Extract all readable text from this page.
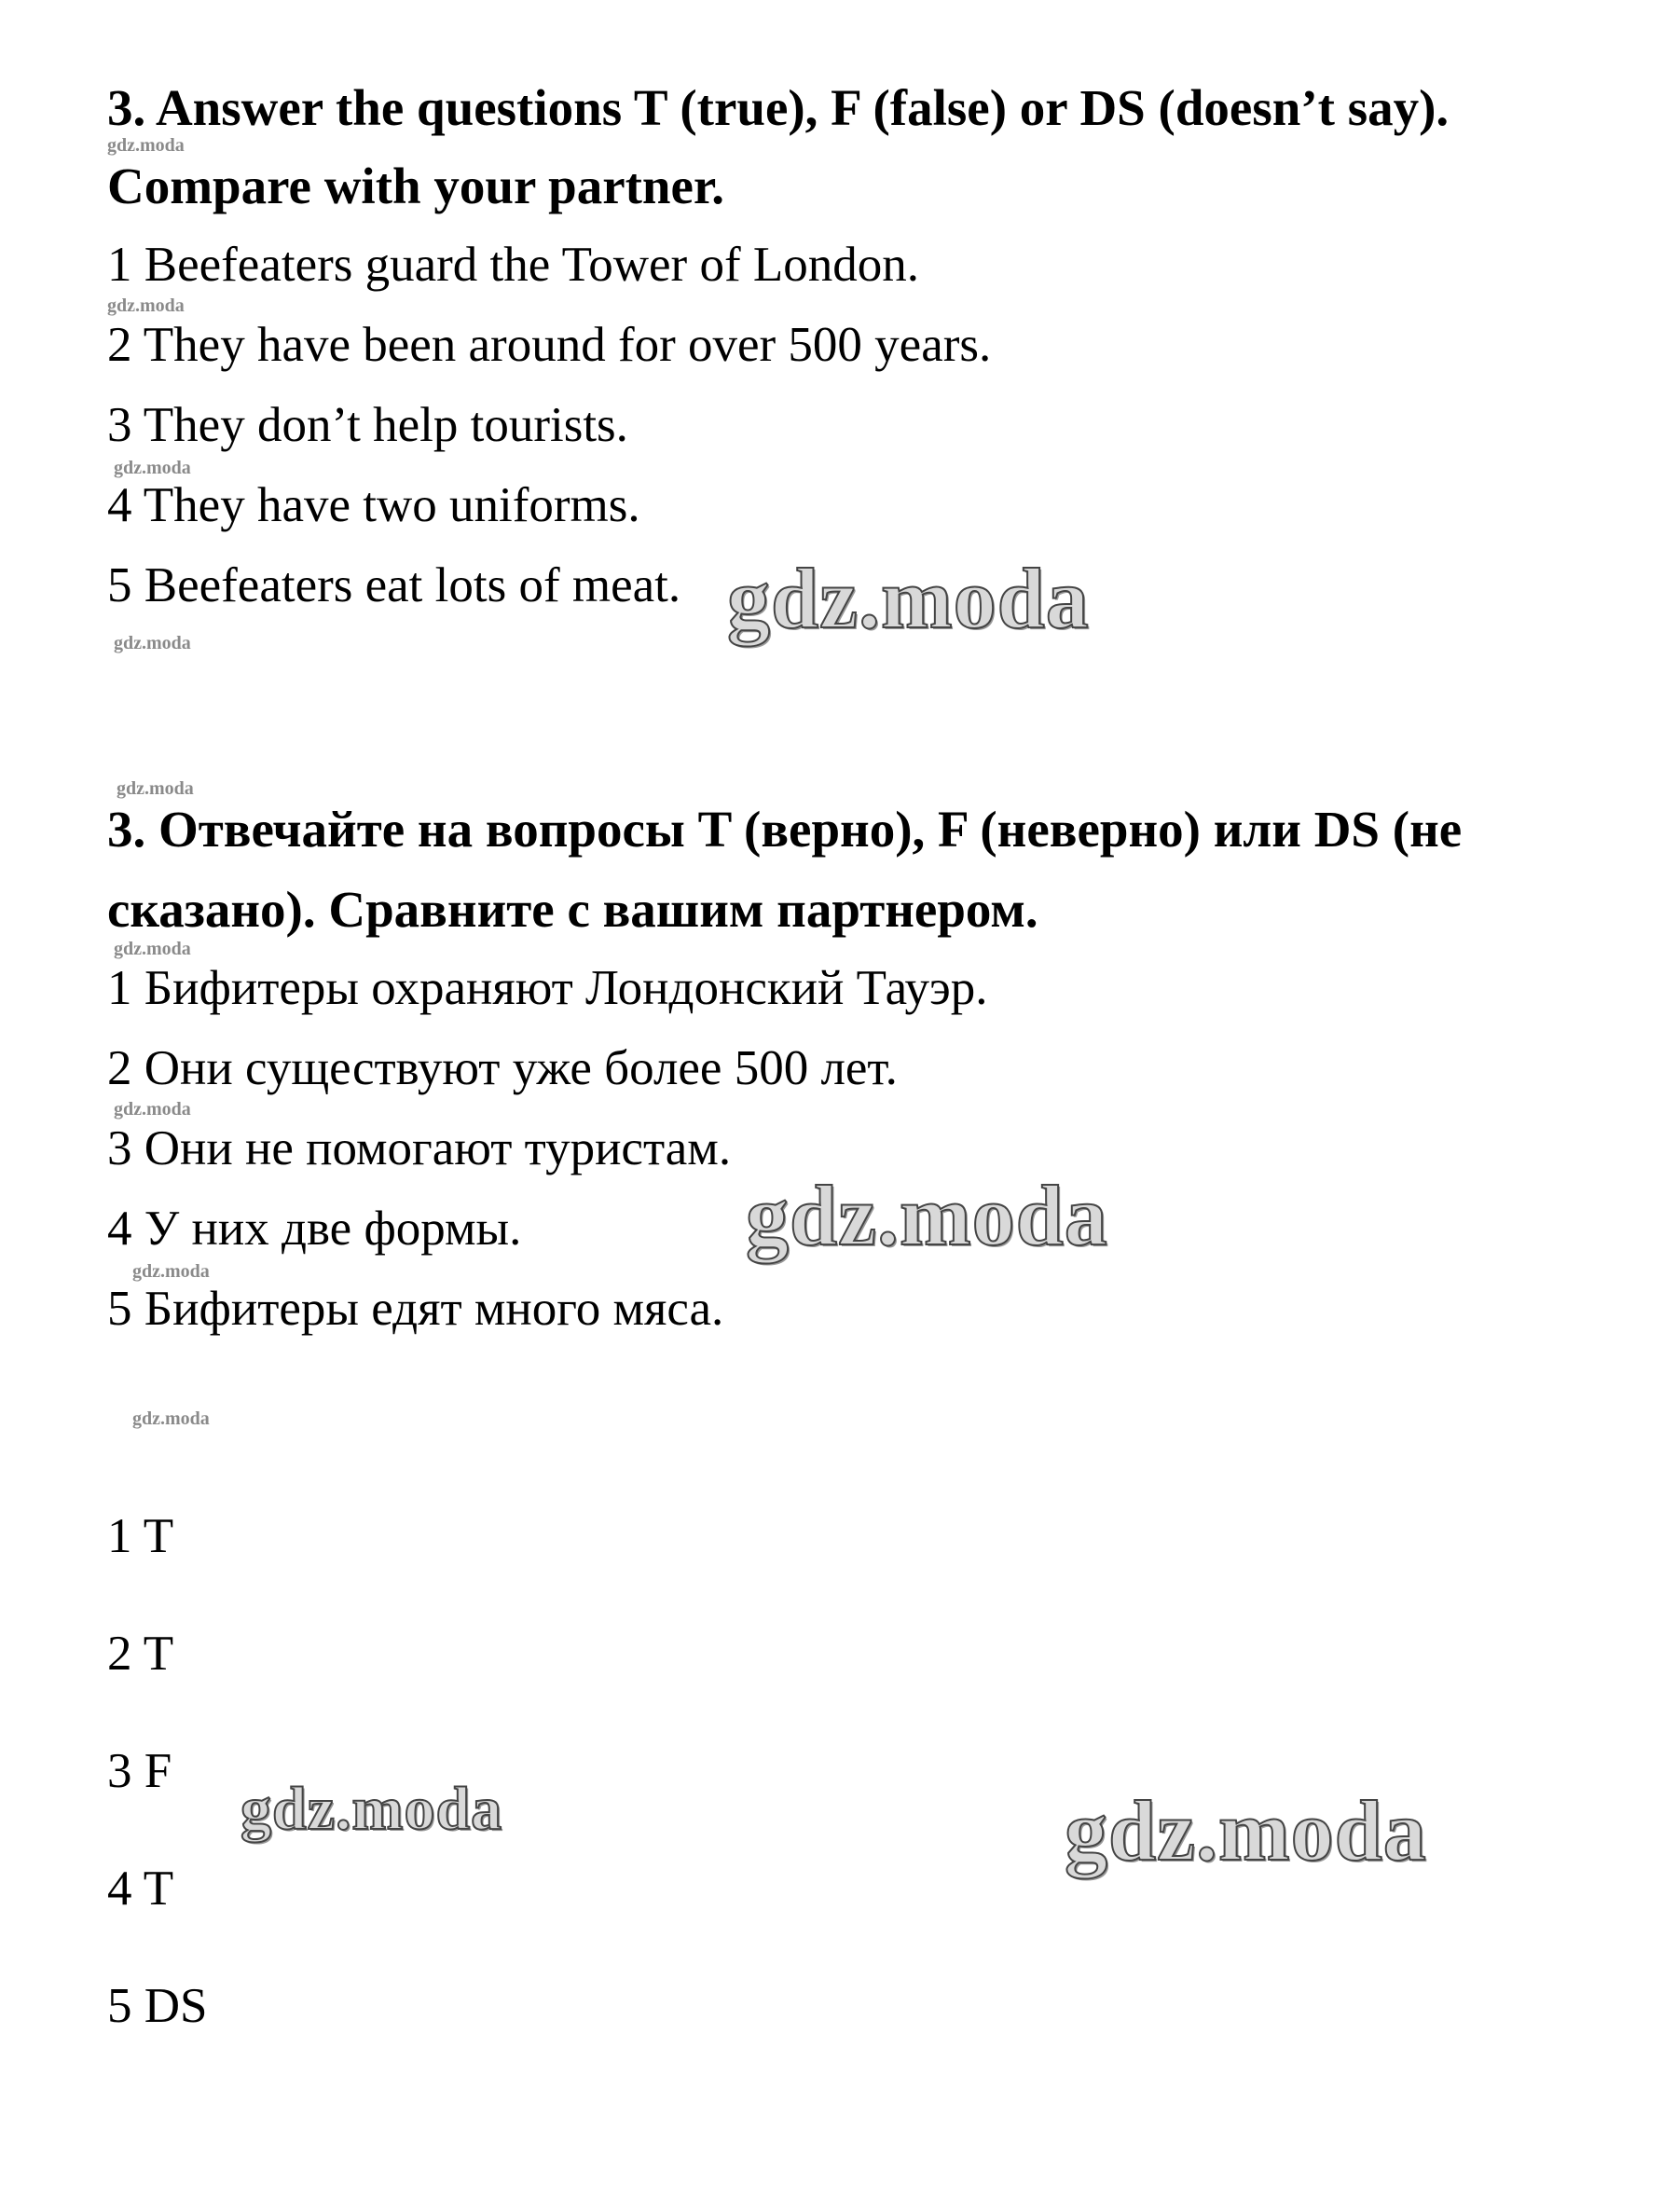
3. Answer the questions T (true), F (false) or DS (doesn’t say).
Compare with your partner.
1 Beefeaters guard the Tower of London.
2 They have been around for over 500 years.
3 They don’t help tourists.
4 They have two uniforms.
5 Beefeaters eat lots of meat.
3. Отвечайте на вопросы T (верно), F (неверно) или DS (не
сказано). Сравните с вашим партнером.
1 Бифитеры охраняют Лондонский Тауэр.
2 Они существуют уже более 500 лет.
3 Они не помогают туристам.
4 У них две формы.
5 Бифитеры едят много мяса.
1 T
2 T
3 F
4 T
5 DS
gdz.moda
gdz.moda
gdz.moda
gdz.moda
gdz.moda
gdz.moda
gdz.moda
gdz.moda
gdz.moda
gdz.moda
gdz.moda
gdz.moda	gdz.moda
